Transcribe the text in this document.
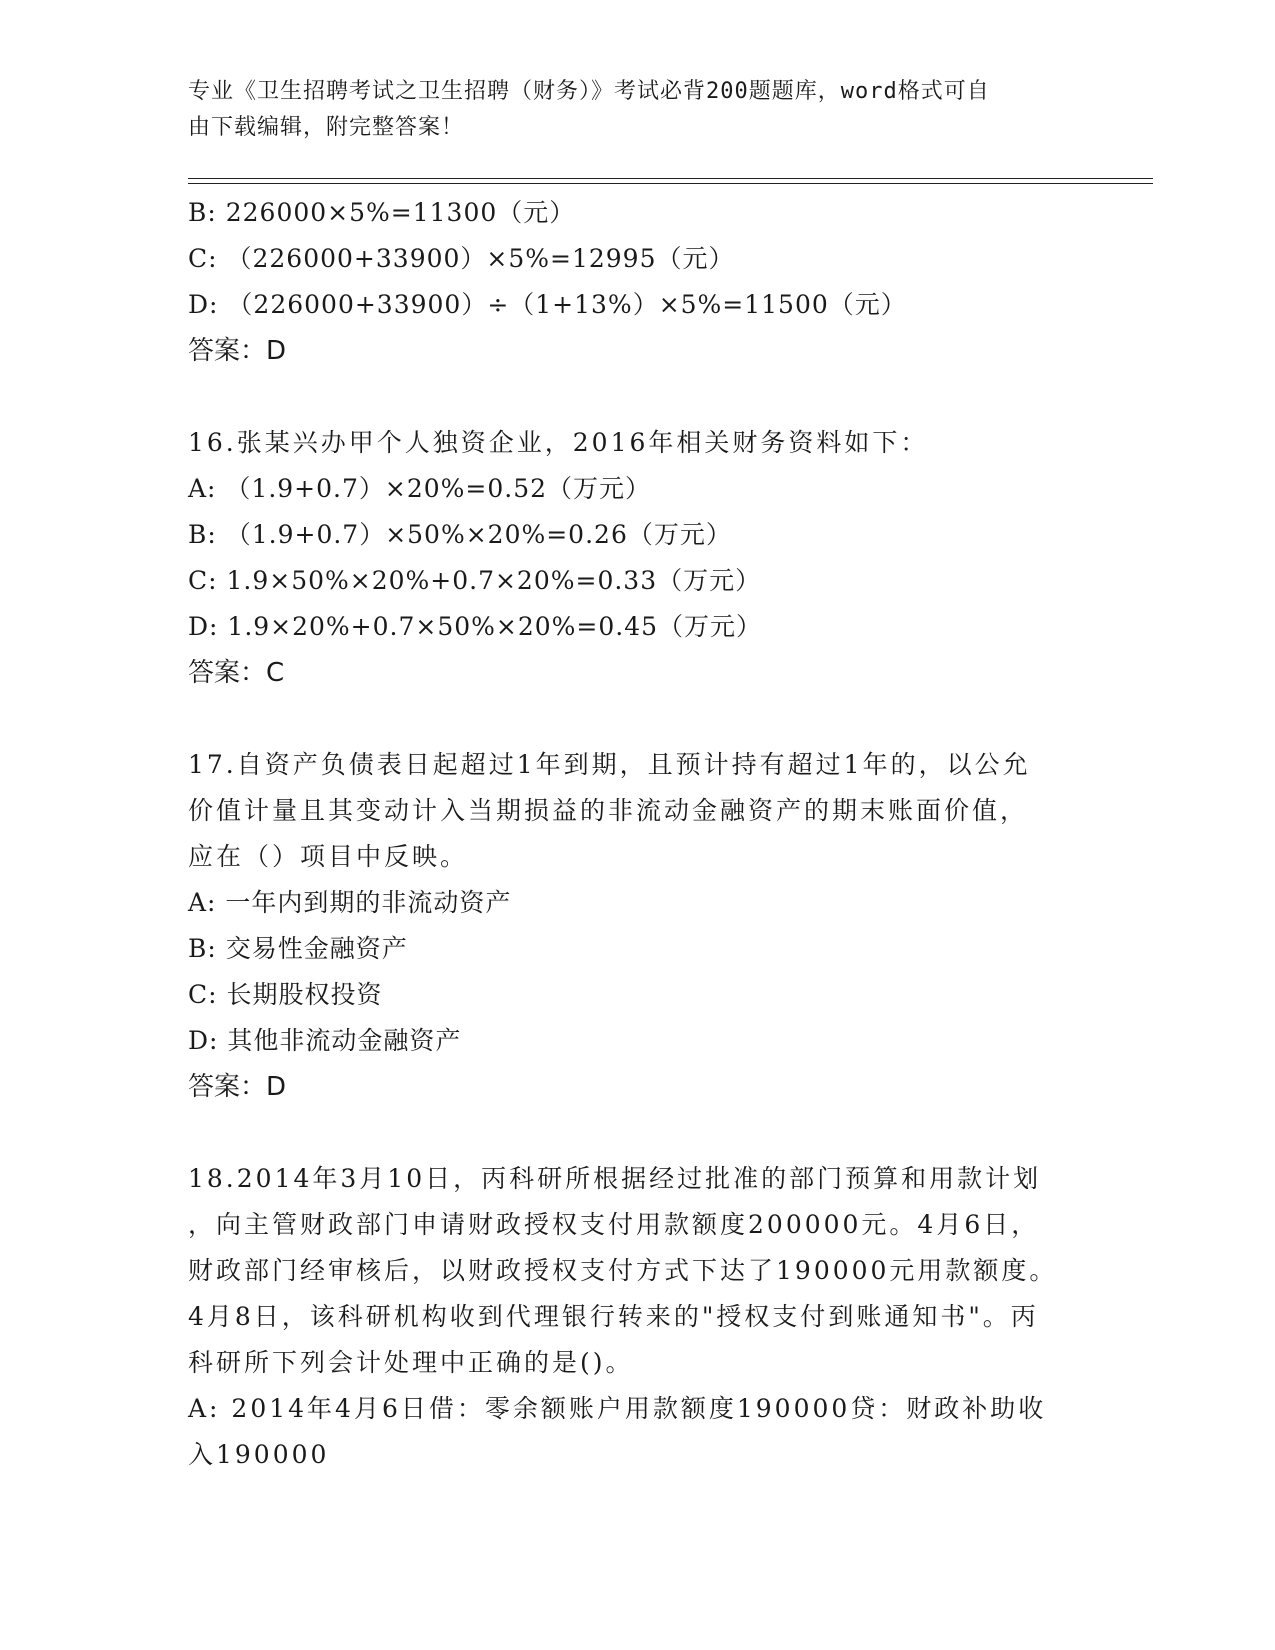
专业《卫生招聘考试之卫生招聘（财务）》考试必背200题题库，word格式可自
由下载编辑，附完整答案！
B: 226000×5%=11300（元）
C: （226000+33900）×5%=12995（元）
D: （226000+33900）÷（1+13%）×5%=11500（元）
答案：D
16.张某兴办甲个人独资企业，2016年相关财务资料如下：
A: （1.9+0.7）×20%=0.52（万元）
B: （1.9+0.7）×50%×20%=0.26（万元）
C: 1.9×50%×20%+0.7×20%=0.33（万元）
D: 1.9×20%+0.7×50%×20%=0.45（万元）
答案：C
17.自资产负债表日起超过1年到期，且预计持有超过1年的，以公允
价值计量且其变动计入当期损益的非流动金融资产的期末账面价值，
应在（）项目中反映。
A: 一年内到期的非流动资产
B: 交易性金融资产
C: 长期股权投资
D: 其他非流动金融资产
答案：D
18.2014年3月10日，丙科研所根据经过批准的部门预算和用款计划
，向主管财政部门申请财政授权支付用款额度200000元。4月6日，
财政部门经审核后，以财政授权支付方式下达了190000元用款额度。
4月8日，该科研机构收到代理银行转来的"授权支付到账通知书"。丙
科研所下列会计处理中正确的是()。
A: 2014年4月6日借：零余额账户用款额度190000贷：财政补助收
入190000
